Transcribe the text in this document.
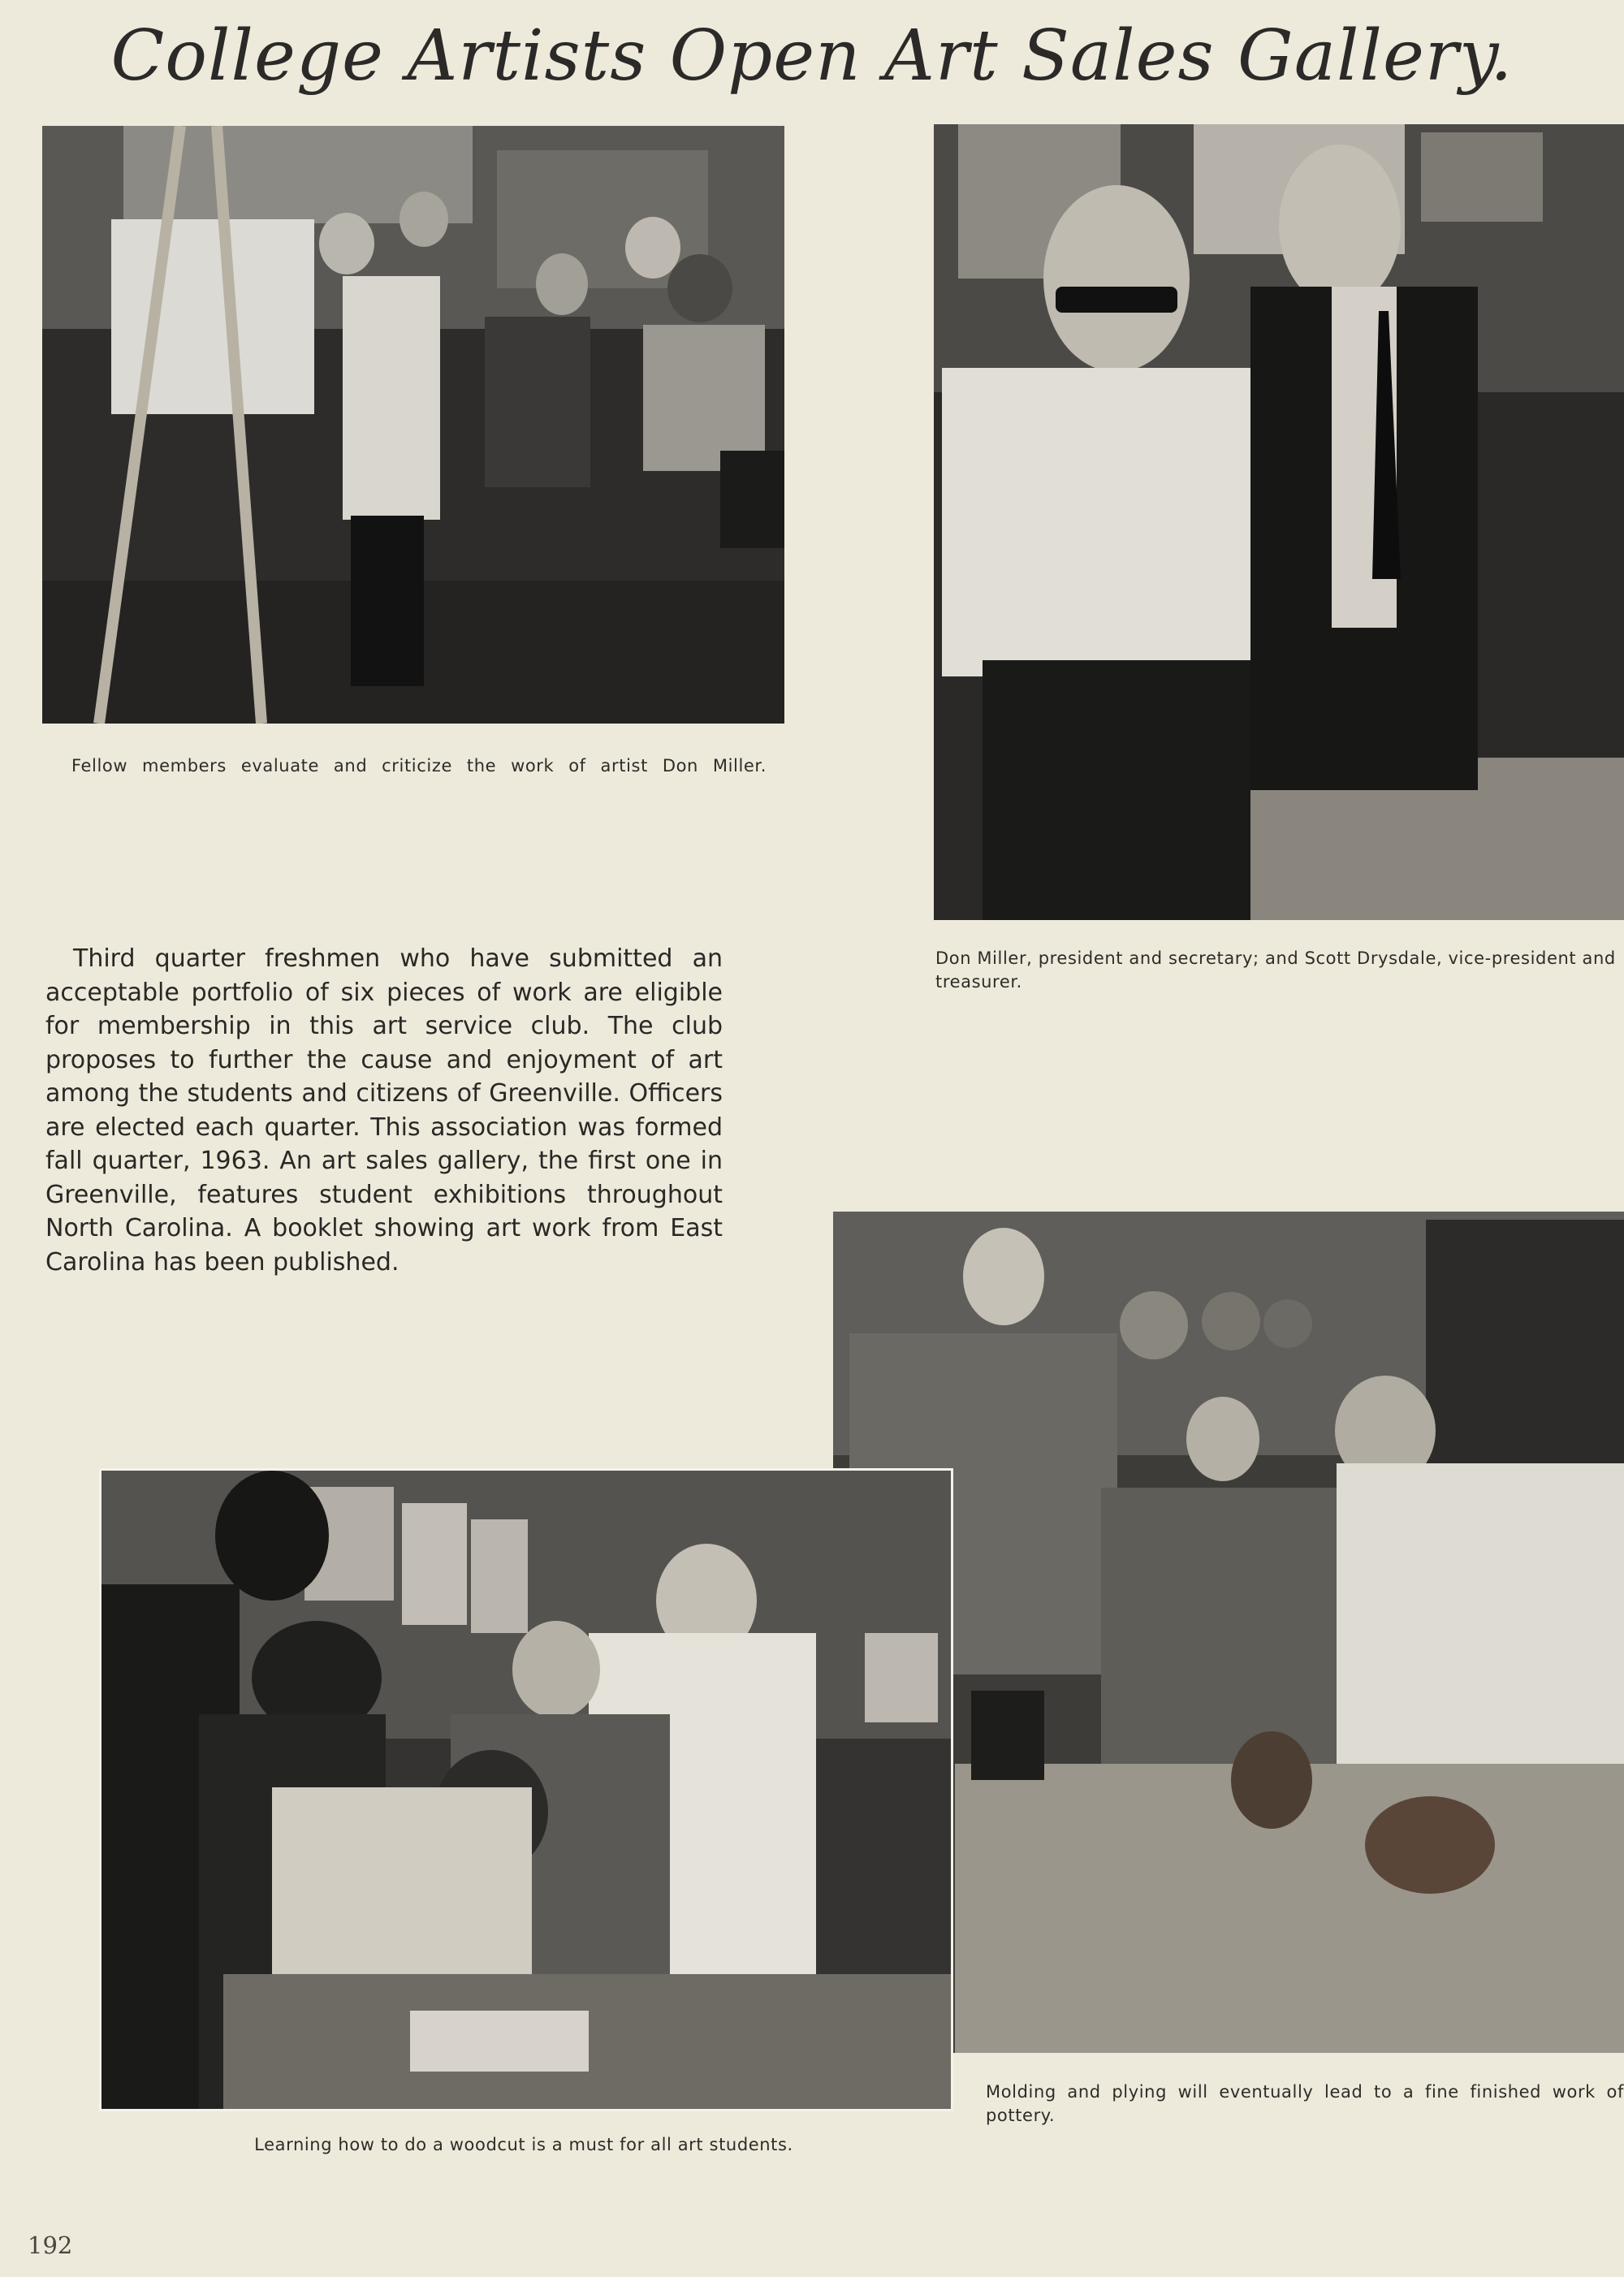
College Artists Open Art Sales Gallery.

Fellow members evaluate and criticize the work of artist Don Miller.

Don Miller, president and secretary; and Scott Drysdale, vice-president and treasurer.

Third quarter freshmen who have submitted an acceptable portfolio of six pieces of work are eligible for membership in this art service club. The club proposes to further the cause and enjoyment of art among the students and citizens of Greenville. Officers are elected each quarter. This association was formed fall quarter, 1963. An art sales gallery, the first one in Greenville, features student exhibitions throughout North Carolina. A booklet showing art work from East Carolina has been published.

Molding and plying will eventually lead to a fine finished work of pottery.

Learning how to do a woodcut is a must for all art students.

192
